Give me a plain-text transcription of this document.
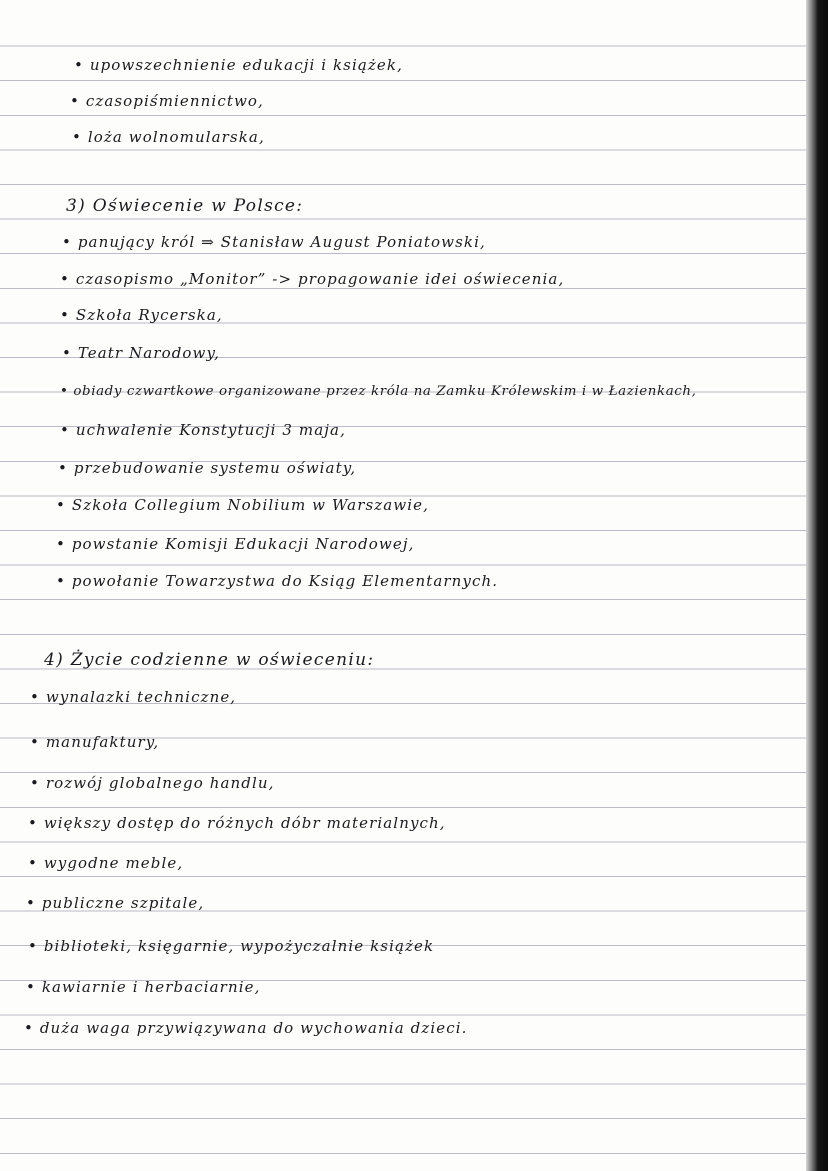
• upowszechnienie edukacji i książek,
• czasopiśmiennictwo,
• loża wolnomularska,
3) Oświecenie w Polsce:
• panujący król ⇒ Stanisław August Poniatowski,
• czasopismo „Monitor” -> propagowanie idei oświecenia,
• Szkoła Rycerska,
• Teatr Narodowy,
• obiady czwartkowe organizowane przez króla na Zamku Królewskim i w Łazienkach,
• uchwalenie Konstytucji 3 maja,
• przebudowanie systemu oświaty,
• Szkoła Collegium Nobilium w Warszawie,
• powstanie Komisji Edukacji Narodowej,
• powołanie Towarzystwa do Ksiąg Elementarnych.
4) Życie codzienne w oświeceniu:
• wynalazki techniczne,
• manufaktury,
• rozwój globalnego handlu,
• większy dostęp do różnych dóbr materialnych,
• wygodne meble,
• publiczne szpitale,
• biblioteki, księgarnie, wypożyczalnie książek
• kawiarnie i herbaciarnie,
• duża waga przywiązywana do wychowania dzieci.
